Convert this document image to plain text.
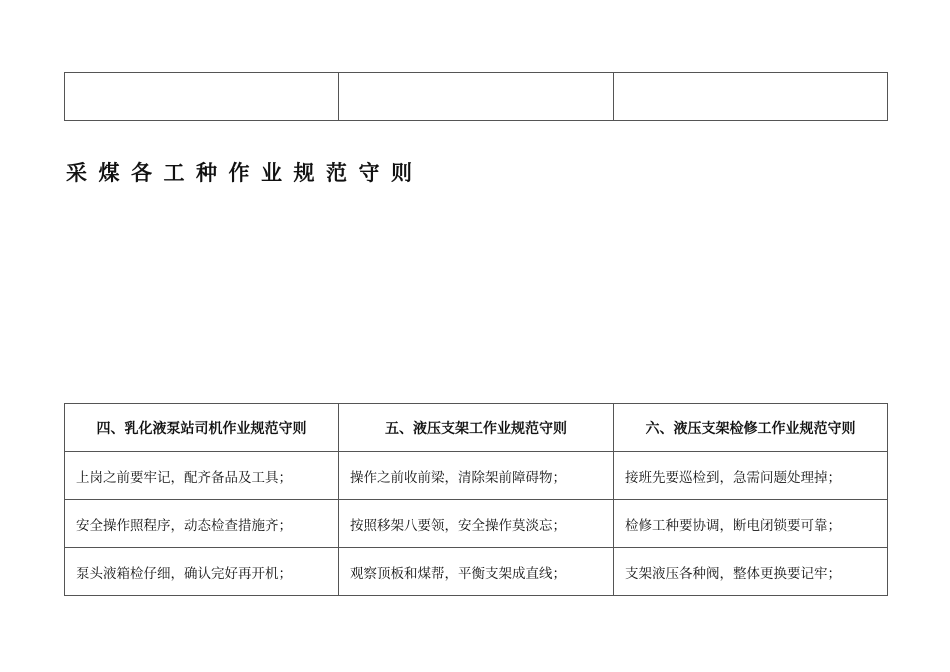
采煤各工种作业规范守则
四、乳化液泵站司机作业规范守则	五、液压支架工作业规范守则	六、液压支架检修工作业规范守则
上岗之前要牢记，配齐备品及工具；	操作之前收前梁，清除架前障碍物；	接班先要巡检到，急需问题处理掉；
安全操作照程序，动态检查措施齐；	按照移架八要领，安全操作莫淡忘；	检修工种要协调，断电闭锁要可靠；
泵头液箱检仔细，确认完好再开机；	观察顶板和煤帮，平衡支架成直线；	支架液压各种阀，整体更换要记牢；
